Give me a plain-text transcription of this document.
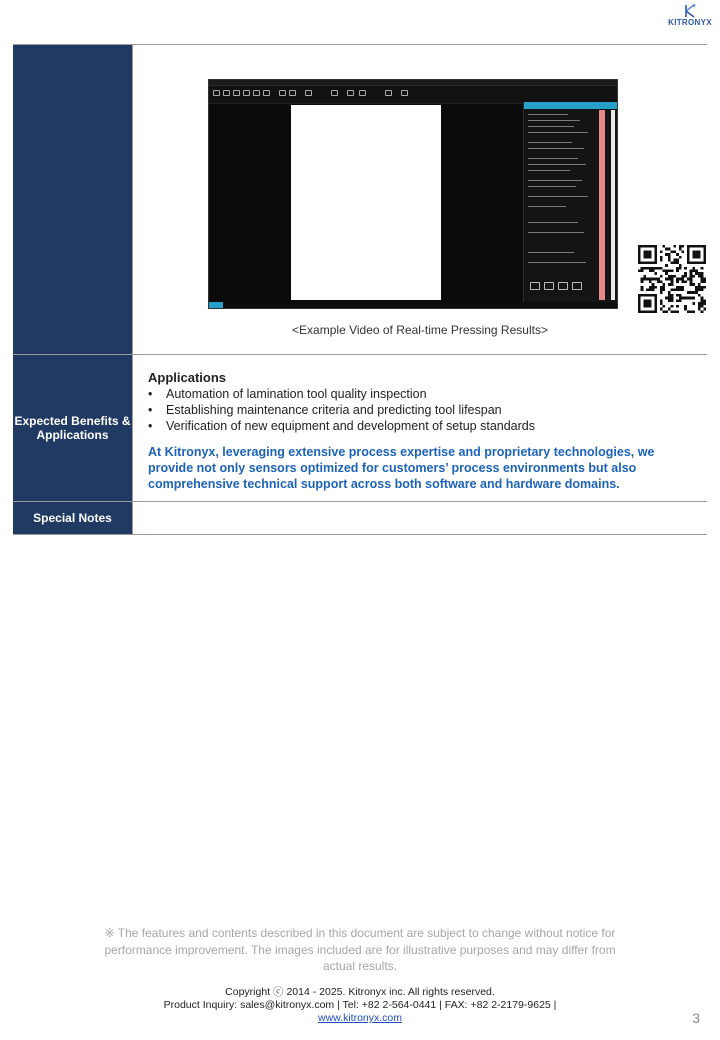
KITRONYX
<Example Video of Real-time Pressing Results>
Expected Benefits & Applications
Applications
• Automation of lamination tool quality inspection
• Establishing maintenance criteria and predicting tool lifespan
• Verification of new equipment and development of setup standards
At Kitronyx, leveraging extensive process expertise and proprietary technologies, we provide not only sensors optimized for customers’ process environments but also comprehensive technical support across both software and hardware domains.
Special Notes
※ The features and contents described in this document are subject to change without notice for performance improvement. The images included are for illustrative purposes and may differ from actual results.
Copyright ⓒ 2014 - 2025. Kitronyx inc. All rights reserved.
Product Inquiry: sales@kitronyx.com | Tel: +82 2-564-0441 | FAX: +82 2-2179-9625 |
www.kitronyx.com	3
